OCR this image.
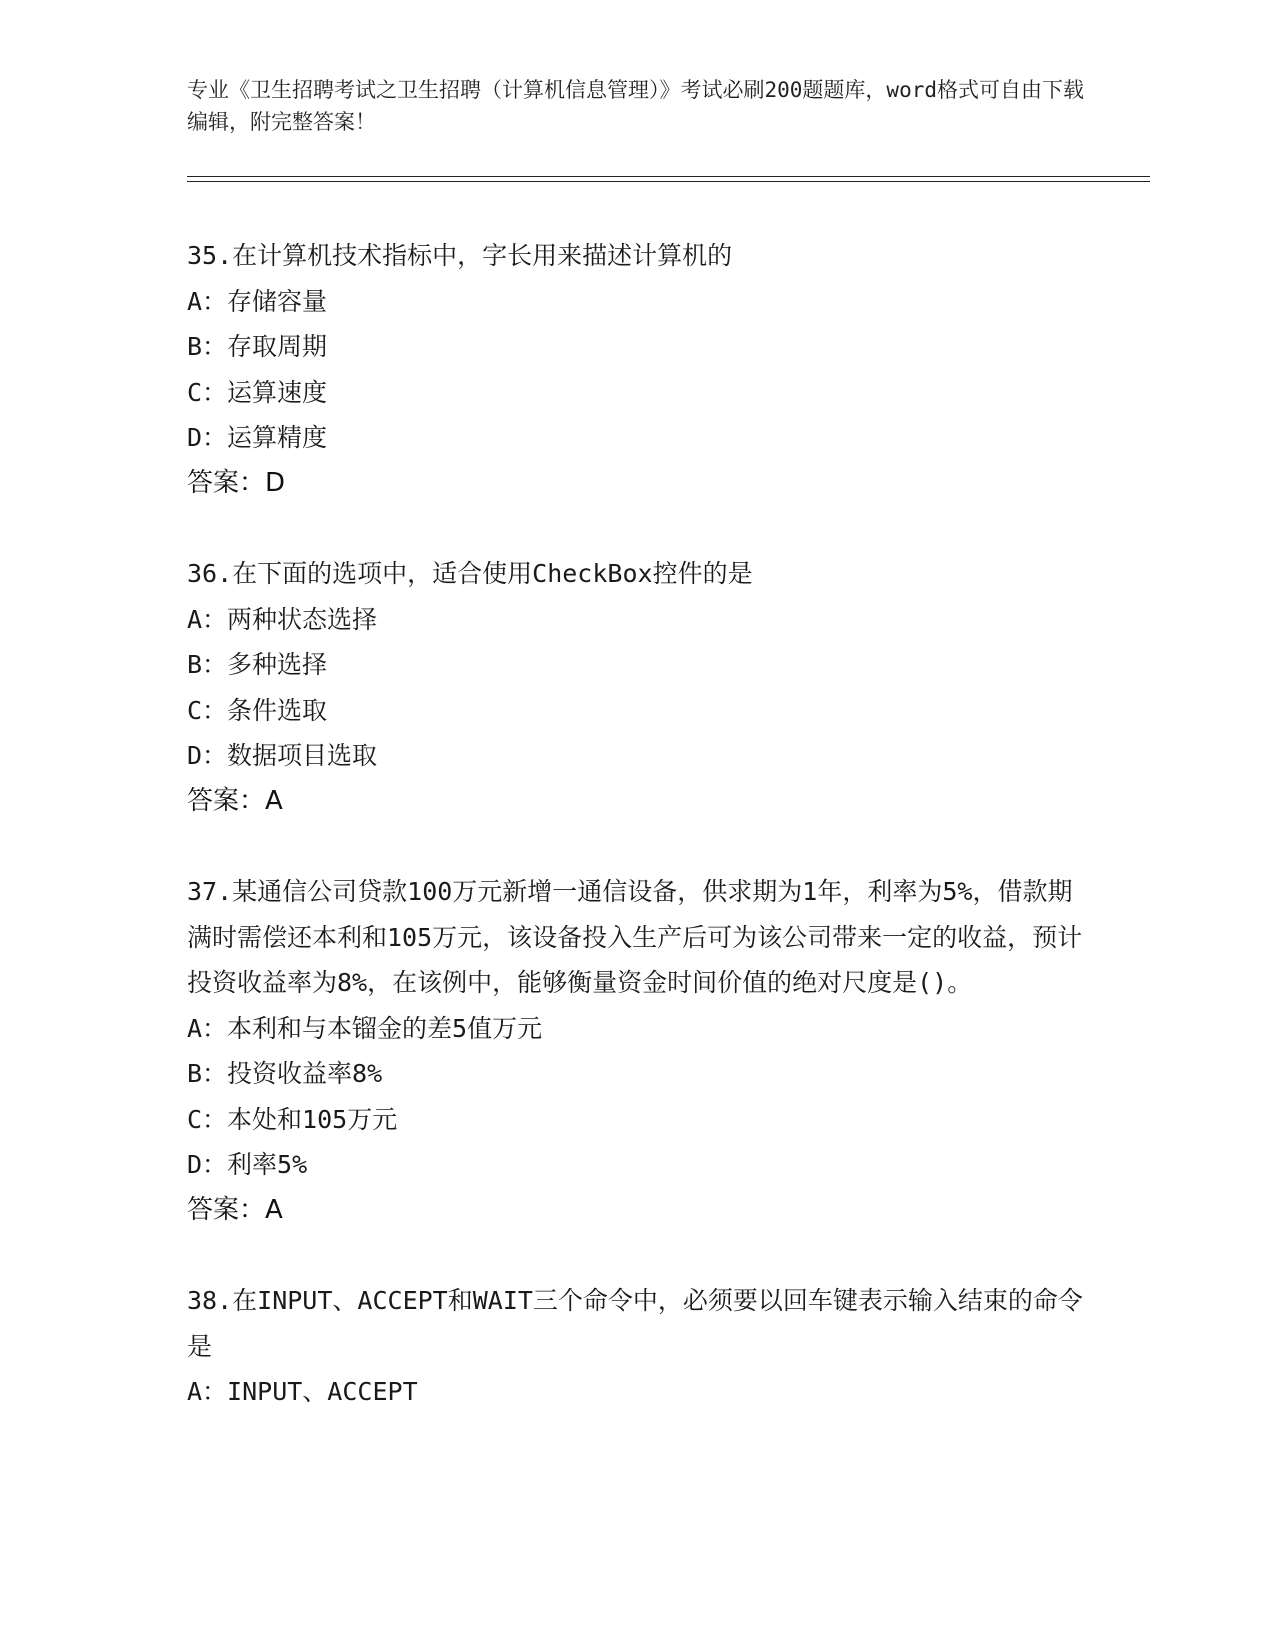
专业《卫生招聘考试之卫生招聘（计算机信息管理）》考试必刷200题题库，word格式可自由下载编辑，附完整答案！
35.在计算机技术指标中，字长用来描述计算机的
A：存储容量
B：存取周期
C：运算速度
D：运算精度
答案：D
36.在下面的选项中，适合使用CheckBox控件的是
A：两种状态选择
B：多种选择
C：条件选取
D：数据项目选取
答案：A
37.某通信公司贷款100万元新增一通信设备，供求期为1年，利率为5%，借款期满时需偿还本利和105万元，该设备投入生产后可为该公司带来一定的收益，预计投资收益率为8%，在该例中，能够衡量资金时间价值的绝对尺度是()。
A：本利和与本镏金的差5值万元
B：投资收益率8%
C：本处和105万元
D：利率5%
答案：A
38.在INPUT、ACCEPT和WAIT三个命令中，必须要以回车键表示输入结束的命令是
A：INPUT、ACCEPT
